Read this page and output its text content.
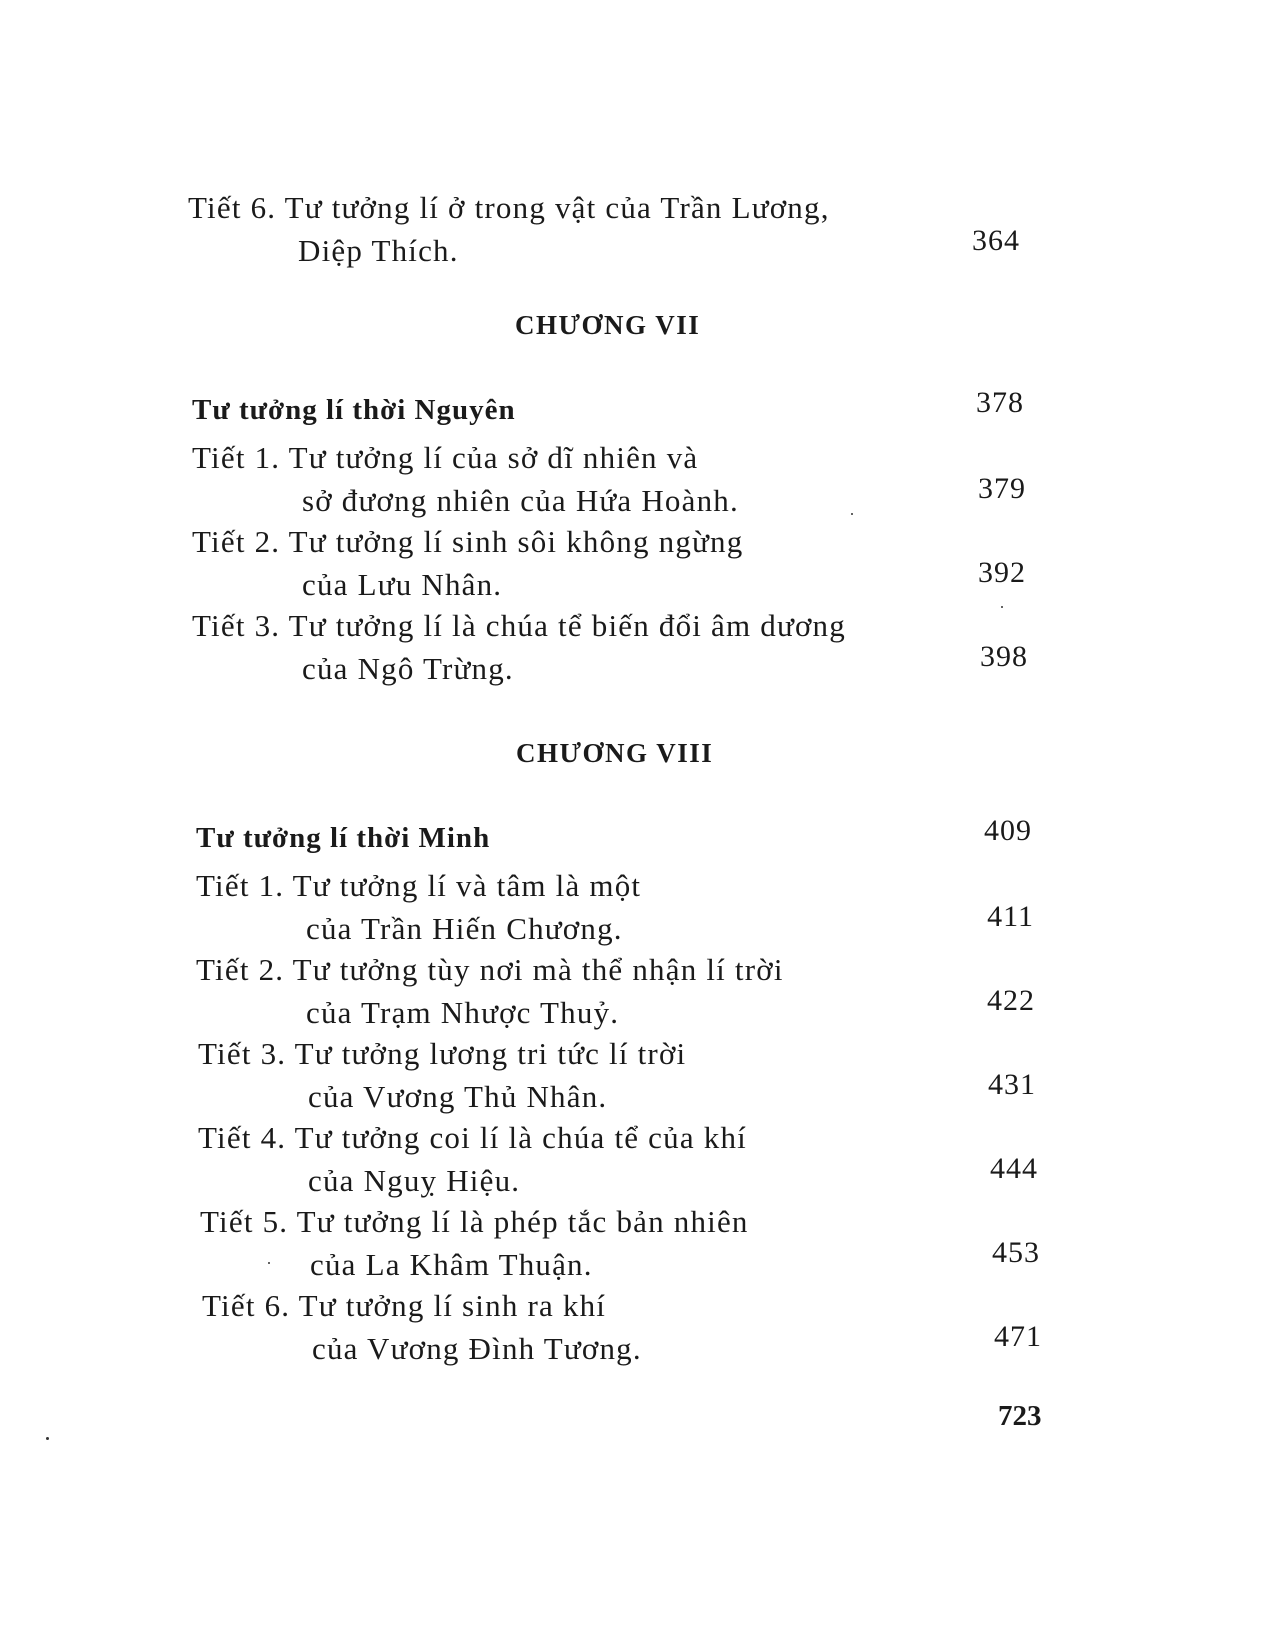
Tiết 6. Tư tưởng lí ở trong vật của Trần Lương,
Diệp Thích.	364
CHƯƠNG VII
Tư tưởng lí thời Nguyên	378
Tiết 1. Tư tưởng lí của sở dĩ nhiên và
sở đương nhiên của Hứa Hoành.	379
Tiết 2. Tư tưởng lí sinh sôi không ngừng
của Lưu Nhân.	392
Tiết 3. Tư tưởng lí là chúa tể biến đổi âm dương
của Ngô Trừng.	398
CHƯƠNG VIII
Tư tưởng lí thời Minh	409
Tiết 1. Tư tưởng lí và tâm là một
của Trần Hiến Chương.	411
Tiết 2. Tư tưởng tùy nơi mà thể nhận lí trời
của Trạm Nhược Thuỷ.	422
Tiết 3. Tư tưởng lương tri tức lí trời
của Vương Thủ Nhân.	431
Tiết 4. Tư tưởng coi lí là chúa tể của khí
của Nguỵ Hiệu.	444
Tiết 5. Tư tưởng lí là phép tắc bản nhiên
của La Khâm Thuận.	453
Tiết 6. Tư tưởng lí sinh ra khí
của Vương Đình Tương.	471
723
